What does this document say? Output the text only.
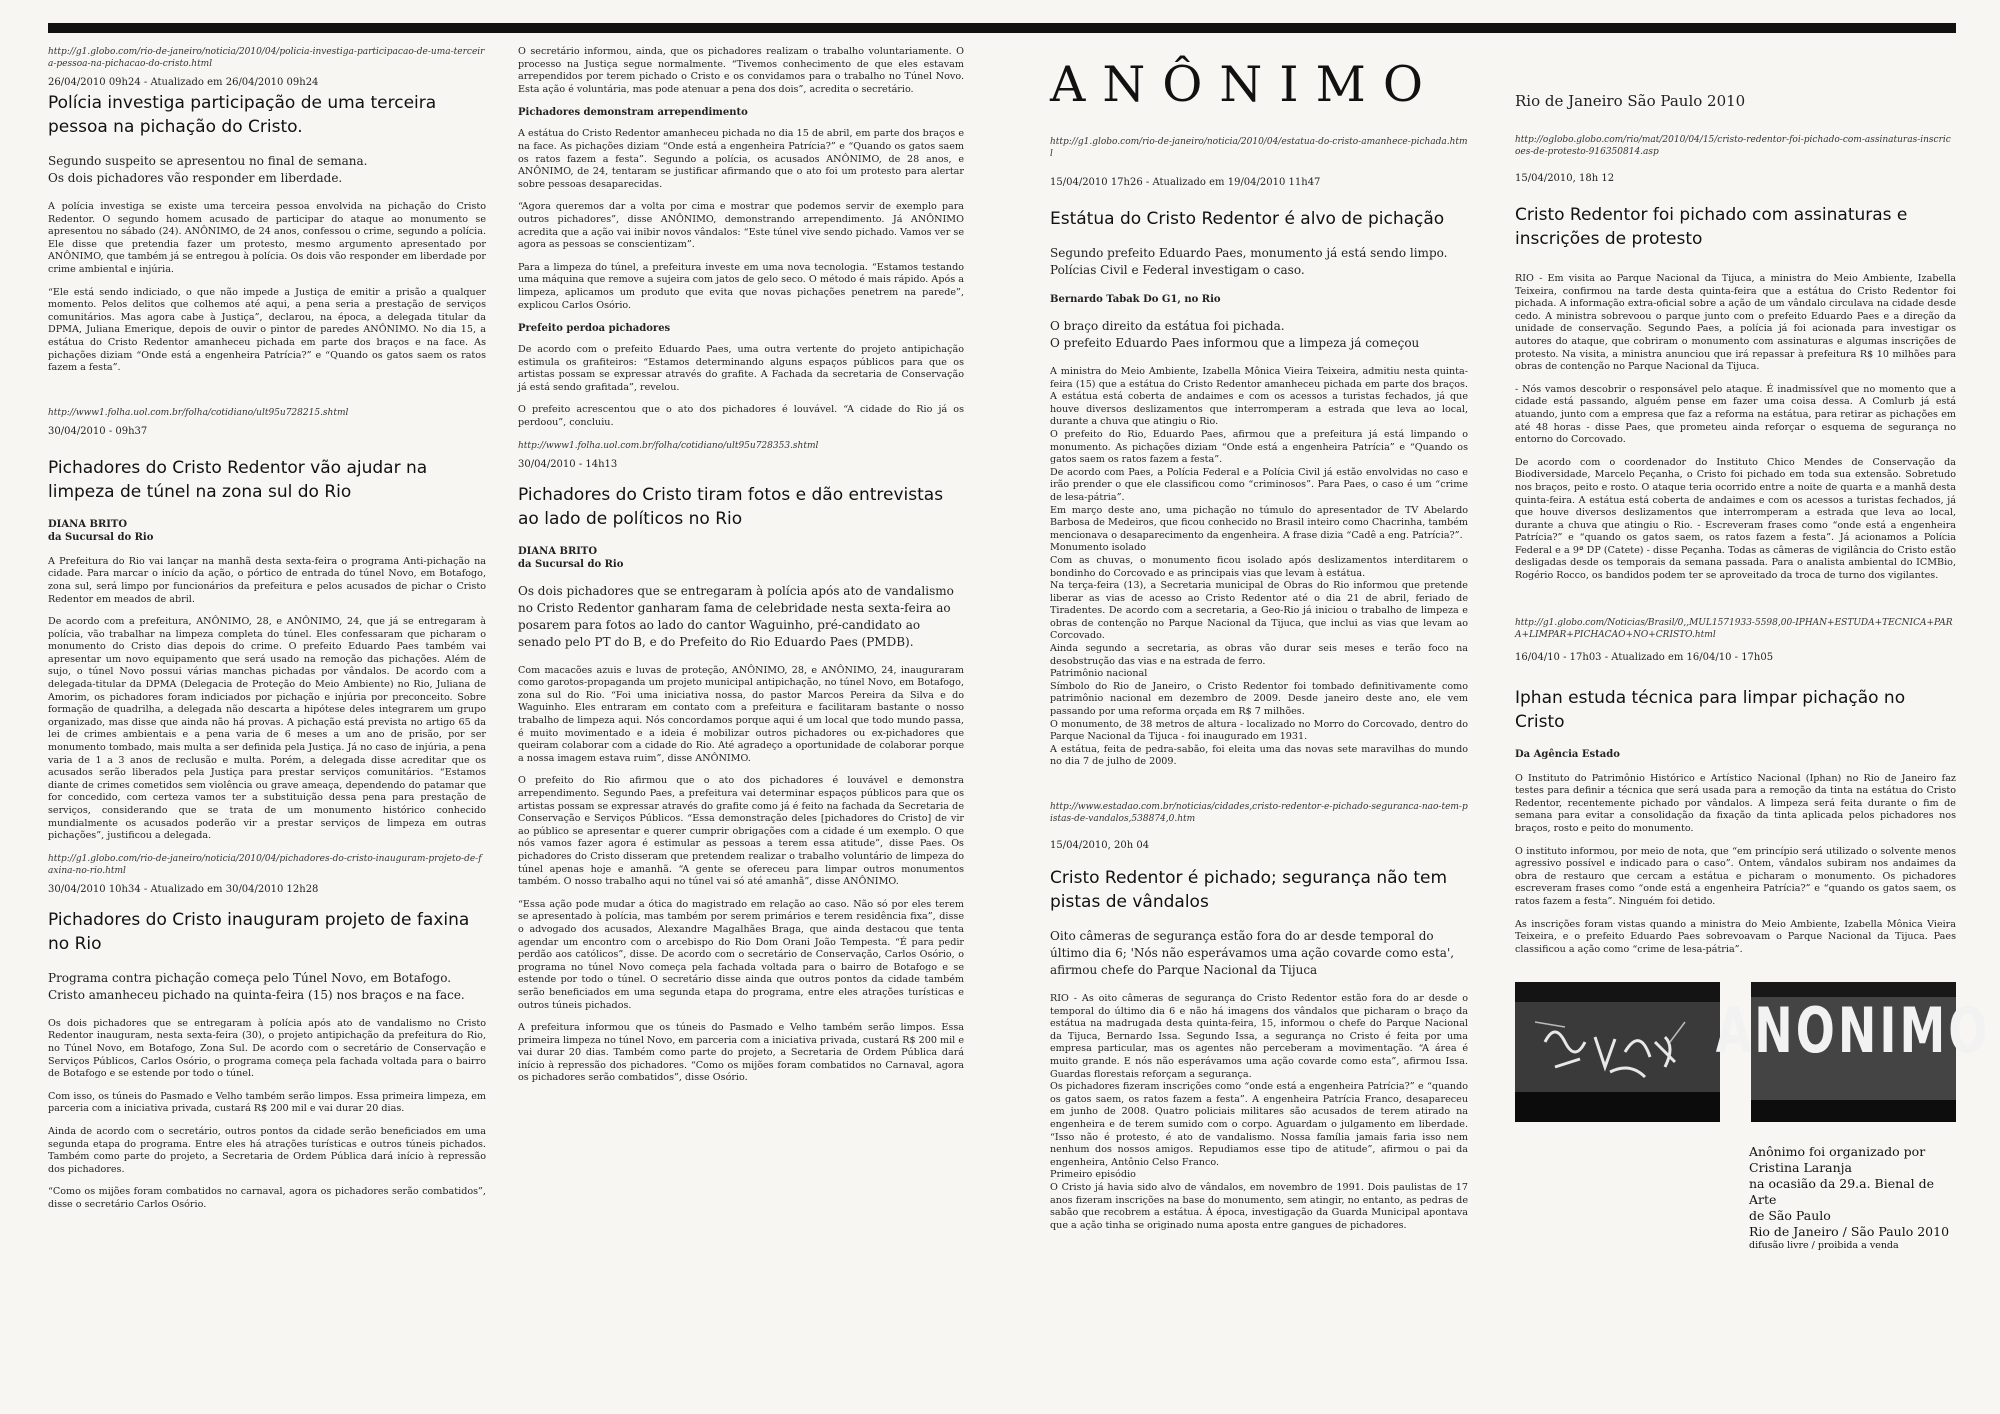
http://g1.globo.com/rio-de-janeiro/noticia/2010/04/policia-investiga-participacao-de-uma-terceira-pessoa-na-pichacao-do-cristo.html

26/04/2010 09h24 - Atualizado em 26/04/2010 09h24

Polícia investiga participação de uma terceira pessoa na pichação do Cristo.

Segundo suspeito se apresentou no final de semana.
Os dois pichadores vão responder em liberdade.

A polícia investiga se existe uma terceira pessoa envolvida na pichação do Cristo Redentor. O segundo homem acusado de participar do ataque ao monumento se apresentou no sábado (24). ANÔNIMO, de 24 anos, confessou o crime, segundo a polícia. Ele disse que pretendia fazer um protesto, mesmo argumento apresentado por ANÔNIMO, que também já se entregou à polícia. Os dois vão responder em liberdade por crime ambiental e injúria.

“Ele está sendo indiciado, o que não impede a Justiça de emitir a prisão a qualquer momento. Pelos delitos que colhemos até aqui, a pena seria a prestação de serviços comunitários. Mas agora cabe à Justiça”, declarou, na época, a delegada titular da DPMA, Juliana Emerique, depois de ouvir o pintor de paredes ANÔNIMO. No dia 15, a estátua do Cristo Redentor amanheceu pichada em parte dos braços e na face. As pichações diziam “Onde está a engenheira Patrícia?” e “Quando os gatos saem os ratos fazem a festa”.

http://www1.folha.uol.com.br/folha/cotidiano/ult95u728215.shtml

30/04/2010 - 09h37

Pichadores do Cristo Redentor vão ajudar na limpeza de túnel na zona sul do Rio

DIANA BRITO
da Sucursal do Rio

A Prefeitura do Rio vai lançar na manhã desta sexta-feira o programa Anti-pichação na cidade. Para marcar o início da ação, o pórtico de entrada do túnel Novo, em Botafogo, zona sul, será limpo por funcionários da prefeitura e pelos acusados de pichar o Cristo Redentor em meados de abril.

De acordo com a prefeitura, ANÔNIMO, 28, e ANÔNIMO, 24, que já se entregaram à polícia, vão trabalhar na limpeza completa do túnel. Eles confessaram que picharam o monumento do Cristo dias depois do crime. O prefeito Eduardo Paes também vai apresentar um novo equipamento que será usado na remoção das pichações. Além de sujo, o túnel Novo possui várias manchas pichadas por vândalos. De acordo com a delegada-titular da DPMA (Delegacia de Proteção do Meio Ambiente) no Rio, Juliana de Amorim, os pichadores foram indiciados por pichação e injúria por preconceito. Sobre formação de quadrilha, a delegada não descarta a hipótese deles integrarem um grupo organizado, mas disse que ainda não há provas. A pichação está prevista no artigo 65 da lei de crimes ambientais e a pena varia de 6 meses a um ano de prisão, por ser monumento tombado, mais multa a ser definida pela Justiça. Já no caso de injúria, a pena varia de 1 a 3 anos de reclusão e multa. Porém, a delegada disse acreditar que os acusados serão liberados pela Justiça para prestar serviços comunitários. “Estamos diante de crimes cometidos sem violência ou grave ameaça, dependendo do patamar que for concedido, com certeza vamos ter a substituição dessa pena para prestação de serviços, considerando que se trata de um monumento histórico conhecido mundialmente os acusados poderão vir a prestar serviços de limpeza em outras pichações”, justificou a delegada.

http://g1.globo.com/rio-de-janeiro/noticia/2010/04/pichadores-do-cristo-inauguram-projeto-de-faxina-no-rio.html

30/04/2010 10h34 - Atualizado em 30/04/2010 12h28

Pichadores do Cristo inauguram projeto de faxina no Rio

Programa contra pichação começa pelo Túnel Novo, em Botafogo.
Cristo amanheceu pichado na quinta-feira (15) nos braços e na face.

Os dois pichadores que se entregaram à polícia após ato de vandalismo no Cristo Redentor inauguram, nesta sexta-feira (30), o projeto antipichação da prefeitura do Rio, no Túnel Novo, em Botafogo, Zona Sul. De acordo com o secretário de Conservação e Serviços Públicos, Carlos Osório, o programa começa pela fachada voltada para o bairro de Botafogo e se estende por todo o túnel.

Com isso, os túneis do Pasmado e Velho também serão limpos. Essa primeira limpeza, em parceria com a iniciativa privada, custará R$ 200 mil e vai durar 20 dias.

Ainda de acordo com o secretário, outros pontos da cidade serão beneficiados em uma segunda etapa do programa. Entre eles há atrações turísticas e outros túneis pichados. Também como parte do projeto, a Secretaria de Ordem Pública dará início à repressão dos pichadores.

“Como os mijões foram combatidos no carnaval, agora os pichadores serão combatidos”, disse o secretário Carlos Osório.

O secretário informou, ainda, que os pichadores realizam o trabalho voluntariamente. O processo na Justiça segue normalmente. “Tivemos conhecimento de que eles estavam arrependidos por terem pichado o Cristo e os convidamos para o trabalho no Túnel Novo. Esta ação é voluntária, mas pode atenuar a pena dos dois”, acredita o secretário.

Pichadores demonstram arrependimento

A estátua do Cristo Redentor amanheceu pichada no dia 15 de abril, em parte dos braços e na face. As pichações diziam “Onde está a engenheira Patrícia?” e “Quando os gatos saem os ratos fazem a festa”. Segundo a polícia, os acusados ANÔNIMO, de 28 anos, e ANÔNIMO, de 24, tentaram se justificar afirmando que o ato foi um protesto para alertar sobre pessoas desaparecidas.

“Agora queremos dar a volta por cima e mostrar que podemos servir de exemplo para outros pichadores”, disse ANÔNIMO, demonstrando arrependimento. Já ANÔNIMO acredita que a ação vai inibir novos vândalos: “Este túnel vive sendo pichado. Vamos ver se agora as pessoas se conscientizam”.

Para a limpeza do túnel, a prefeitura investe em uma nova tecnologia. “Estamos testando uma máquina que remove a sujeira com jatos de gelo seco. O método é mais rápido. Após a limpeza, aplicamos um produto que evita que novas pichações penetrem na parede”, explicou Carlos Osório.

Prefeito perdoa pichadores

De acordo com o prefeito Eduardo Paes, uma outra vertente do projeto antipichação estimula os grafiteiros: “Estamos determinando alguns espaços públicos para que os artistas possam se expressar através do grafite. A Fachada da secretaria de Conservação já está sendo grafitada”, revelou.

O prefeito acrescentou que o ato dos pichadores é louvável. “A cidade do Rio já os perdoou”, concluiu.

http://www1.folha.uol.com.br/folha/cotidiano/ult95u728353.shtml

30/04/2010 - 14h13

Pichadores do Cristo tiram fotos e dão entrevistas ao lado de políticos no Rio

DIANA BRITO
da Sucursal do Rio

Os dois pichadores que se entregaram à polícia após ato de vandalismo no Cristo Redentor ganharam fama de celebridade nesta sexta-feira ao posarem para fotos ao lado do cantor Waguinho, pré-candidato ao senado pelo PT do B, e do Prefeito do Rio Eduardo Paes (PMDB).

Com macacões azuis e luvas de proteção, ANÔNIMO, 28, e ANÔNIMO, 24, inauguraram como garotos-propaganda um projeto municipal antipichação, no túnel Novo, em Botafogo, zona sul do Rio. “Foi uma iniciativa nossa, do pastor Marcos Pereira da Silva e do Waguinho. Eles entraram em contato com a prefeitura e facilitaram bastante o nosso trabalho de limpeza aqui. Nós concordamos porque aqui é um local que todo mundo passa, é muito movimentado e a ideia é mobilizar outros pichadores ou ex-pichadores que queiram colaborar com a cidade do Rio. Até agradeço a oportunidade de colaborar porque a nossa imagem estava ruim”, disse ANÔNIMO.

O prefeito do Rio afirmou que o ato dos pichadores é louvável e demonstra arrependimento. Segundo Paes, a prefeitura vai determinar espaços públicos para que os artistas possam se expressar através do grafite como já é feito na fachada da Secretaria de Conservação e Serviços Públicos. “Essa demonstração deles [pichadores do Cristo] de vir ao público se apresentar e querer cumprir obrigações com a cidade é um exemplo. O que nós vamos fazer agora é estimular as pessoas a terem essa atitude”, disse Paes. Os pichadores do Cristo disseram que pretendem realizar o trabalho voluntário de limpeza do túnel apenas hoje e amanhã. “A gente se ofereceu para limpar outros monumentos também. O nosso trabalho aqui no túnel vai só até amanhã”, disse ANÔNIMO.

“Essa ação pode mudar a ótica do magistrado em relação ao caso. Não só por eles terem se apresentado à polícia, mas também por serem primários e terem residência fixa”, disse o advogado dos acusados, Alexandre Magalhães Braga, que ainda destacou que tenta agendar um encontro com o arcebispo do Rio Dom Orani João Tempesta. “É para pedir perdão aos católicos”, disse. De acordo com o secretário de Conservação, Carlos Osório, o programa no túnel Novo começa pela fachada voltada para o bairro de Botafogo e se estende por todo o túnel. O secretário disse ainda que outros pontos da cidade também serão beneficiados em uma segunda etapa do programa, entre eles atrações turísticas e outros túneis pichados.

A prefeitura informou que os túneis do Pasmado e Velho também serão limpos. Essa primeira limpeza no túnel Novo, em parceria com a iniciativa privada, custará R$ 200 mil e vai durar 20 dias. Também como parte do projeto, a Secretaria de Ordem Pública dará início à repressão dos pichadores. “Como os mijões foram combatidos no Carnaval, agora os pichadores serão combatidos”, disse Osório.

ANÔNIMO

http://g1.globo.com/rio-de-janeiro/noticia/2010/04/estatua-do-cristo-amanhece-pichada.html

15/04/2010 17h26 - Atualizado em 19/04/2010 11h47

Estátua do Cristo Redentor é alvo de pichação

Segundo prefeito Eduardo Paes, monumento já está sendo limpo. Polícias Civil e Federal investigam o caso.

Bernardo Tabak Do G1, no Rio

O braço direito da estátua foi pichada.
O prefeito Eduardo Paes informou que a limpeza já começou

A ministra do Meio Ambiente, Izabella Mônica Vieira Teixeira, admitiu nesta quinta-feira (15) que a estátua do Cristo Redentor amanheceu pichada em parte dos braços. A estátua está coberta de andaimes e com os acessos a turistas fechados, já que houve diversos deslizamentos que interromperam a estrada que leva ao local, durante a chuva que atingiu o Rio.

O prefeito do Rio, Eduardo Paes, afirmou que a prefeitura já está limpando o monumento. As pichações diziam “Onde está a engenheira Patrícia” e “Quando os gatos saem os ratos fazem a festa”.

De acordo com Paes, a Polícia Federal e a Polícia Civil já estão envolvidas no caso e irão prender o que ele classificou como “criminosos”. Para Paes, o caso é um “crime de lesa-pátria”.

Em março deste ano, uma pichação no túmulo do apresentador de TV Abelardo Barbosa de Medeiros, que ficou conhecido no Brasil inteiro como Chacrinha, também mencionava o desaparecimento da engenheira. A frase dizia “Cadê a eng. Patrícia?”.

Monumento isolado

Com as chuvas, o monumento ficou isolado após deslizamentos interditarem o bondinho do Corcovado e as principais vias que levam à estátua.

Na terça-feira (13), a Secretaria municipal de Obras do Rio informou que pretende liberar as vias de acesso ao Cristo Redentor até o dia 21 de abril, feriado de Tiradentes. De acordo com a secretaria, a Geo-Rio já iniciou o trabalho de limpeza e obras de contenção no Parque Nacional da Tijuca, que inclui as vias que levam ao Corcovado.

Ainda segundo a secretaria, as obras vão durar seis meses e terão foco na desobstrução das vias e na estrada de ferro.

Patrimônio nacional

Símbolo do Rio de Janeiro, o Cristo Redentor foi tombado definitivamente como patrimônio nacional em dezembro de 2009. Desde janeiro deste ano, ele vem passando por uma reforma orçada em R$ 7 milhões.

O monumento, de 38 metros de altura - localizado no Morro do Corcovado, dentro do Parque Nacional da Tijuca - foi inaugurado em 1931.

A estátua, feita de pedra-sabão, foi eleita uma das novas sete maravilhas do mundo no dia 7 de julho de 2009.

http://www.estadao.com.br/noticias/cidades,cristo-redentor-e-pichado-seguranca-nao-tem-pistas-de-vandalos,538874,0.htm

15/04/2010, 20h 04

Cristo Redentor é pichado; segurança não tem pistas de vândalos

Oito câmeras de segurança estão fora do ar desde temporal do último dia 6; 'Nós não esperávamos uma ação covarde como esta', afirmou chefe do Parque Nacional da Tijuca

RIO - As oito câmeras de segurança do Cristo Redentor estão fora do ar desde o temporal do último dia 6 e não há imagens dos vândalos que picharam o braço da estátua na madrugada desta quinta-feira, 15, informou o chefe do Parque Nacional da Tijuca, Bernardo Issa. Segundo Issa, a segurança no Cristo é feita por uma empresa particular, mas os agentes não perceberam a movimentação. “A área é muito grande. E nós não esperávamos uma ação covarde como esta”, afirmou Issa. Guardas florestais reforçam a segurança.

Os pichadores fizeram inscrições como “onde está a engenheira Patrícia?” e “quando os gatos saem, os ratos fazem a festa”. A engenheira Patrícia Franco, desapareceu em junho de 2008. Quatro policiais militares são acusados de terem atirado na engenheira e de terem sumido com o corpo. Aguardam o julgamento em liberdade. “Isso não é protesto, é ato de vandalismo. Nossa família jamais faria isso nem nenhum dos nossos amigos. Repudiamos esse tipo de atitude”, afirmou o pai da engenheira, Antônio Celso Franco.

Primeiro episódio

O Cristo já havia sido alvo de vândalos, em novembro de 1991. Dois paulistas de 17 anos fizeram inscrições na base do monumento, sem atingir, no entanto, as pedras de sabão que recobrem a estátua. À época, investigação da Guarda Municipal apontava que a ação tinha se originado numa aposta entre gangues de pichadores.

Rio de Janeiro São Paulo 2010

http://oglobo.globo.com/rio/mat/2010/04/15/cristo-redentor-foi-pichado-com-assinaturas-inscricoes-de-protesto-916350814.asp

15/04/2010, 18h 12

Cristo Redentor foi pichado com assinaturas e inscrições de protesto

RIO - Em visita ao Parque Nacional da Tijuca, a ministra do Meio Ambiente, Izabella Teixeira, confirmou na tarde desta quinta-feira que a estátua do Cristo Redentor foi pichada. A informação extra-oficial sobre a ação de um vândalo circulava na cidade desde cedo. A ministra sobrevoou o parque junto com o prefeito Eduardo Paes e a direção da unidade de conservação. Segundo Paes, a polícia já foi acionada para investigar os autores do ataque, que cobriram o monumento com assinaturas e algumas inscrições de protesto. Na visita, a ministra anunciou que irá repassar à prefeitura R$ 10 milhões para obras de contenção no Parque Nacional da Tijuca.

- Nós vamos descobrir o responsável pelo ataque. É inadmissível que no momento que a cidade está passando, alguém pense em fazer uma coisa dessa. A Comlurb já está atuando, junto com a empresa que faz a reforma na estátua, para retirar as pichações em até 48 horas - disse Paes, que prometeu ainda reforçar o esquema de segurança no entorno do Corcovado.

De acordo com o coordenador do Instituto Chico Mendes de Conservação da Biodiversidade, Marcelo Peçanha, o Cristo foi pichado em toda sua extensão. Sobretudo nos braços, peito e rosto. O ataque teria ocorrido entre a noite de quarta e a manhã desta quinta-feira. A estátua está coberta de andaimes e com os acessos a turistas fechados, já que houve diversos deslizamentos que interromperam a estrada que leva ao local, durante a chuva que atingiu o Rio. - Escreveram frases como “onde está a engenheira Patrícia?” e “quando os gatos saem, os ratos fazem a festa”. Já acionamos a Polícia Federal e a 9ª DP (Catete) - disse Peçanha. Todas as câmeras de vigilância do Cristo estão desligadas desde os temporais da semana passada. Para o analista ambiental do ICMBio, Rogério Rocco, os bandidos podem ter se aproveitado da troca de turno dos vigilantes.

http://g1.globo.com/Noticias/Brasil/0,,MUL1571933-5598,00-IPHAN+ESTUDA+TECNICA+PARA+LIMPAR+PICHACAO+NO+CRISTO.html

16/04/10 - 17h03 - Atualizado em 16/04/10 - 17h05

Iphan estuda técnica para limpar pichação no Cristo

Da Agência Estado

O Instituto do Patrimônio Histórico e Artístico Nacional (Iphan) no Rio de Janeiro faz testes para definir a técnica que será usada para a remoção da tinta na estátua do Cristo Redentor, recentemente pichado por vândalos. A limpeza será feita durante o fim de semana para evitar a consolidação da fixação da tinta aplicada pelos pichadores nos braços, rosto e peito do monumento.

O instituto informou, por meio de nota, que “em princípio será utilizado o solvente menos agressivo possível e indicado para o caso”. Ontem, vândalos subiram nos andaimes da obra de restauro que cercam a estátua e picharam o monumento. Os pichadores escreveram frases como “onde está a engenheira Patrícia?” e “quando os gatos saem, os ratos fazem a festa”. Ninguém foi detido.

As inscrições foram vistas quando a ministra do Meio Ambiente, Izabella Mônica Vieira Teixeira, e o prefeito Eduardo Paes sobrevoavam o Parque Nacional da Tijuca. Paes classificou a ação como “crime de lesa-pátria”.

ANONIMO
Anônimo foi organizado por
Cristina Laranja
na ocasião da 29.a. Bienal de Arte
de São Paulo
Rio de Janeiro / São Paulo 2010
difusão livre / proibida a venda
